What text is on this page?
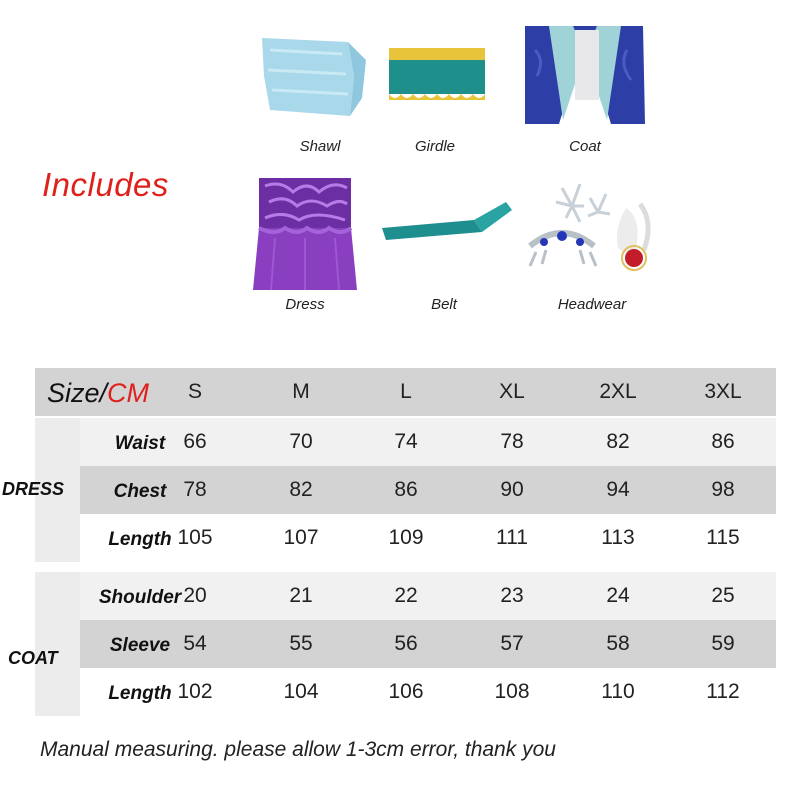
Includes
Shawl	Girdle	Coat
Dress	Belt	Headwear
DRESS
COAT
Size/CM	S	M	L	XL	2XL	3XL
Waist 66	70	74	78	82	86
Chest 78	82	86	90	94	98
Length 105	107	109	111	113	115
Shoulder 20	21	22	23	24	25
Sleeve 54	55	56	57	58	59
Length 102	104	106	108	110	112
Manual measuring. please allow 1-3cm error, thank you
